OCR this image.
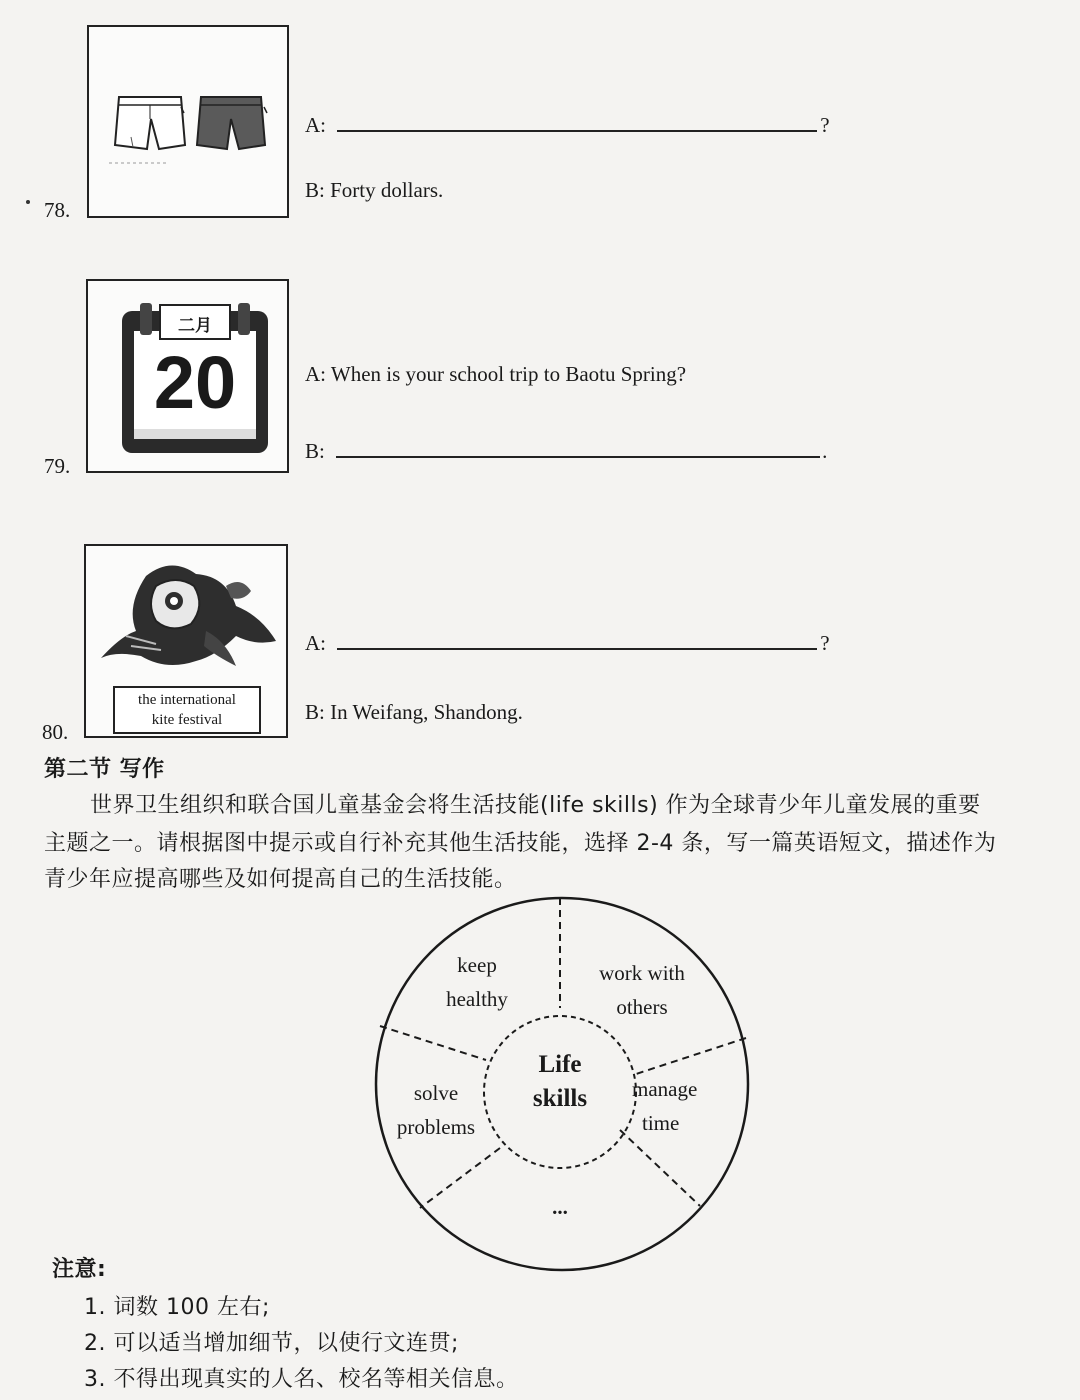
78.
A:	?
B: Forty dollars.
79.
二月
20	A: When is your school trip to Baotu Spring?
B:	.
80.
the international
kite festival
A:	?
B: In Weifang, Shandong.
第二节 写作
世界卫生组织和联合国儿童基金会将生活技能(life skills) 作为全球青少年儿童发展的重要
主题之一。请根据图中提示或自行补充其他生活技能，选择 2-4 条，写一篇英语短文，描述作为
青少年应提高哪些及如何提高自己的生活技能。
Life
skills
keep
healthy
work with
others
manage
time
...
solve
problems
注意:
1. 词数 100 左右;
2. 可以适当增加细节，以使行文连贯;
3. 不得出现真实的人名、校名等相关信息。
